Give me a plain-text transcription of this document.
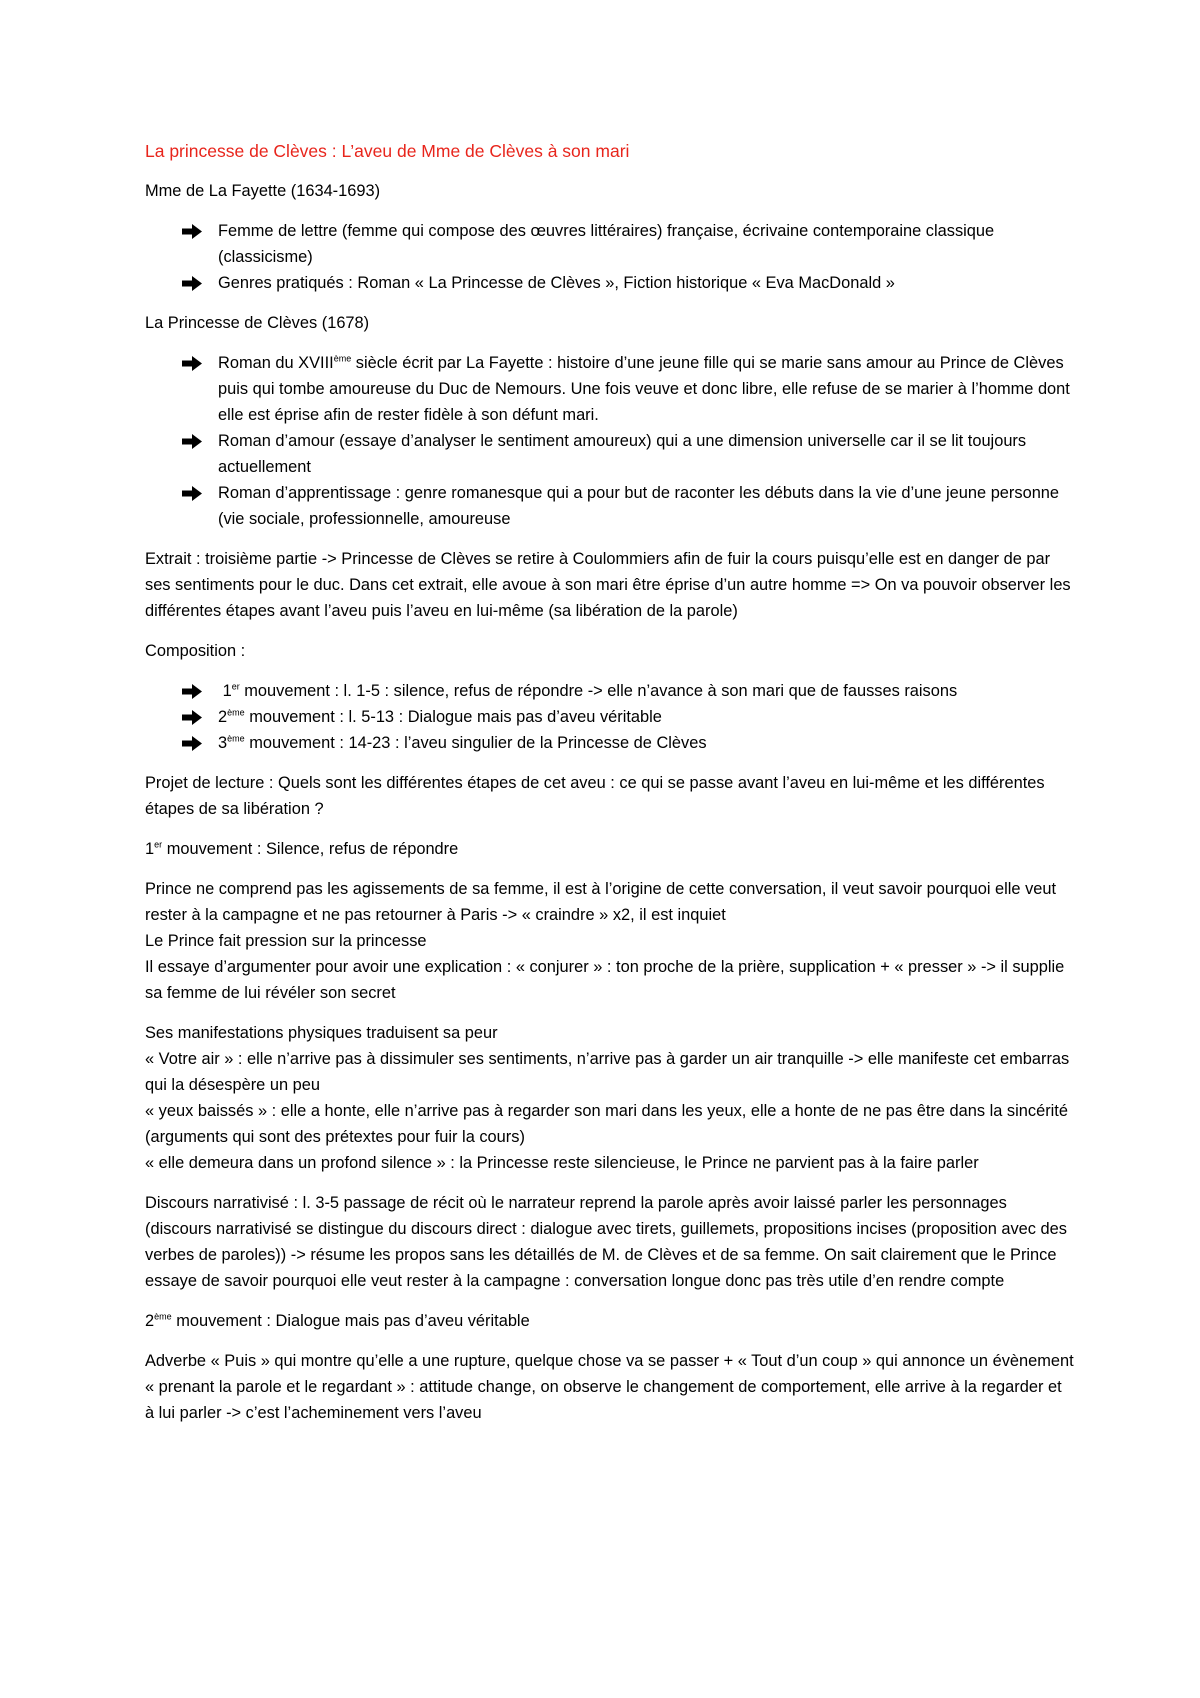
La princesse de Clèves : L’aveu de Mme de Clèves à son mari

Mme de La Fayette (1634-1693)

Femme de lettre (femme qui compose des œuvres littéraires) française, écrivaine contemporaine classique (classicisme)
Genres pratiqués : Roman « La Princesse de Clèves », Fiction historique « Eva MacDonald »

La Princesse de Clèves (1678)

Roman du XVIIIème siècle écrit par La Fayette : histoire d’une jeune fille qui se marie sans amour au Prince de Clèves puis qui tombe amoureuse du Duc de Nemours. Une fois veuve et donc libre, elle refuse de se marier à l’homme dont elle est éprise afin de rester fidèle à son défunt mari.
Roman d’amour (essaye d’analyser le sentiment amoureux) qui a une dimension universelle car il se lit toujours actuellement
Roman d’apprentissage : genre romanesque qui a pour but de raconter les débuts dans la vie d’une jeune personne (vie sociale, professionnelle, amoureuse

Extrait : troisième partie -> Princesse de Clèves se retire à Coulommiers afin de fuir la cours puisqu’elle est en danger de par ses sentiments pour le duc. Dans cet extrait, elle avoue à son mari être éprise d’un autre homme => On va pouvoir observer les différentes étapes avant l’aveu puis l’aveu en lui-même (sa libération de la parole)

Composition :

1er mouvement : l. 1-5 : silence, refus de répondre -> elle n’avance à son mari que de fausses raisons
2ème mouvement : l. 5-13 : Dialogue mais pas d’aveu véritable
3ème mouvement : 14-23 : l’aveu singulier de la Princesse de Clèves

Projet de lecture : Quels sont les différentes étapes de cet aveu : ce qui se passe avant l’aveu en lui-même et les différentes étapes de sa libération ?

1er mouvement : Silence, refus de répondre

Prince ne comprend pas les agissements de sa femme, il est à l’origine de cette conversation, il veut savoir pourquoi elle veut rester à la campagne et ne pas retourner à Paris -> « craindre » x2, il est inquiet
Le Prince fait pression sur la princesse
Il essaye d’argumenter pour avoir une explication : « conjurer » : ton proche de la prière, supplication + « presser » -> il supplie sa femme de lui révéler son secret

Ses manifestations physiques traduisent sa peur
« Votre air » : elle n’arrive pas à dissimuler ses sentiments, n’arrive pas à garder un air tranquille -> elle manifeste cet embarras qui la désespère un peu
« yeux baissés » : elle a honte, elle n’arrive pas à regarder son mari dans les yeux, elle a honte de ne pas être dans la sincérité (arguments qui sont des prétextes pour fuir la cours)
« elle demeura dans un profond silence » : la Princesse reste silencieuse, le Prince ne parvient pas à la faire parler

Discours narrativisé : l. 3-5 passage de récit où le narrateur reprend la parole après avoir laissé parler les personnages (discours narrativisé se distingue du discours direct : dialogue avec tirets, guillemets, propositions incises (proposition avec des verbes de paroles)) -> résume les propos sans les détaillés de M. de Clèves et de sa femme. On sait clairement que le Prince essaye de savoir pourquoi elle veut rester à la campagne : conversation longue donc pas très utile d’en rendre compte

2ème mouvement : Dialogue mais pas d’aveu véritable

Adverbe « Puis » qui montre qu’elle a une rupture, quelque chose va se passer + « Tout d’un coup » qui annonce un évènement
« prenant la parole et le regardant » : attitude change, on observe le changement de comportement, elle arrive à la regarder et à lui parler -> c’est l’acheminement vers l’aveu
